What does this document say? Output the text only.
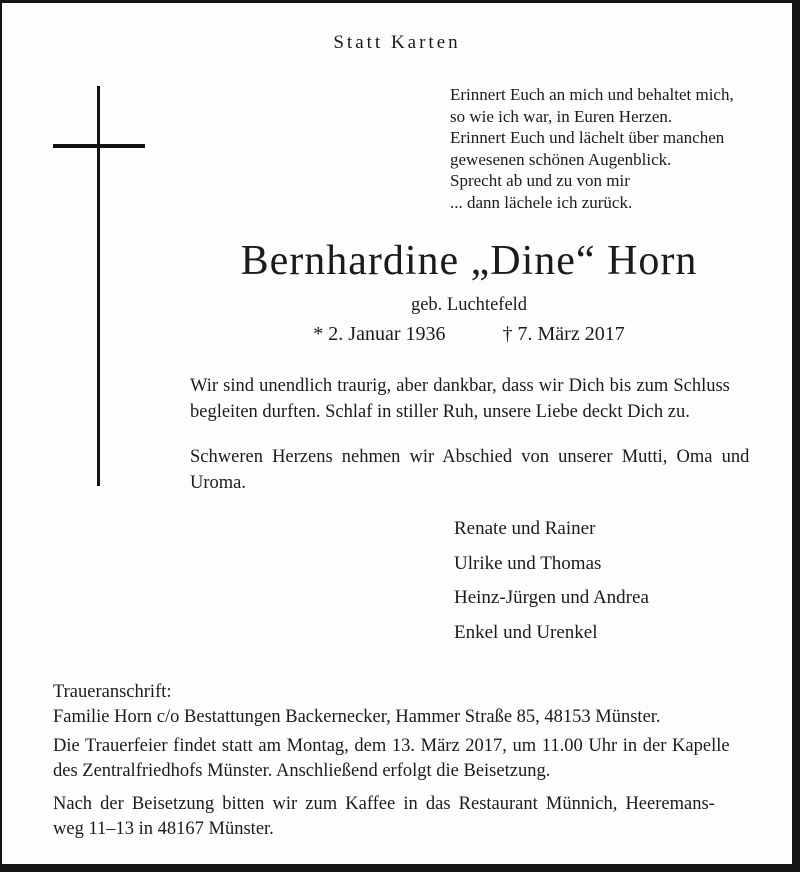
Statt Karten
Erinnert Euch an mich und behaltet mich,
so wie ich war, in Euren Herzen.
Erinnert Euch und lächelt über manchen
gewesenen schönen Augenblick.
Sprecht ab und zu von mir
... dann lächele ich zurück.
Bernhardine „Dine“ Horn
geb. Luchtefeld
* 2. Januar 1936	† 7. März 2017
Wir sind unendlich traurig, aber dankbar, dass wir Dich bis zum Schluss
begleiten durften. Schlaf in stiller Ruh, unsere Liebe deckt Dich zu.
Schweren Herzens nehmen wir Abschied von unserer Mutti, Oma und
Uroma.
Renate und Rainer
Ulrike und Thomas
Heinz-Jürgen und Andrea
Enkel und Urenkel
Traueranschrift:
Familie Horn c/o Bestattungen Backernecker, Hammer Straße 85, 48153 Münster.
Die Trauerfeier findet statt am Montag, dem 13. März 2017, um 11.00 Uhr in der Kapelle
des Zentralfriedhofs Münster. Anschließend erfolgt die Beisetzung.
Nach der Beisetzung bitten wir zum Kaffee in das Restaurant Münnich, Heeremans-
weg 11–13 in 48167 Münster.
